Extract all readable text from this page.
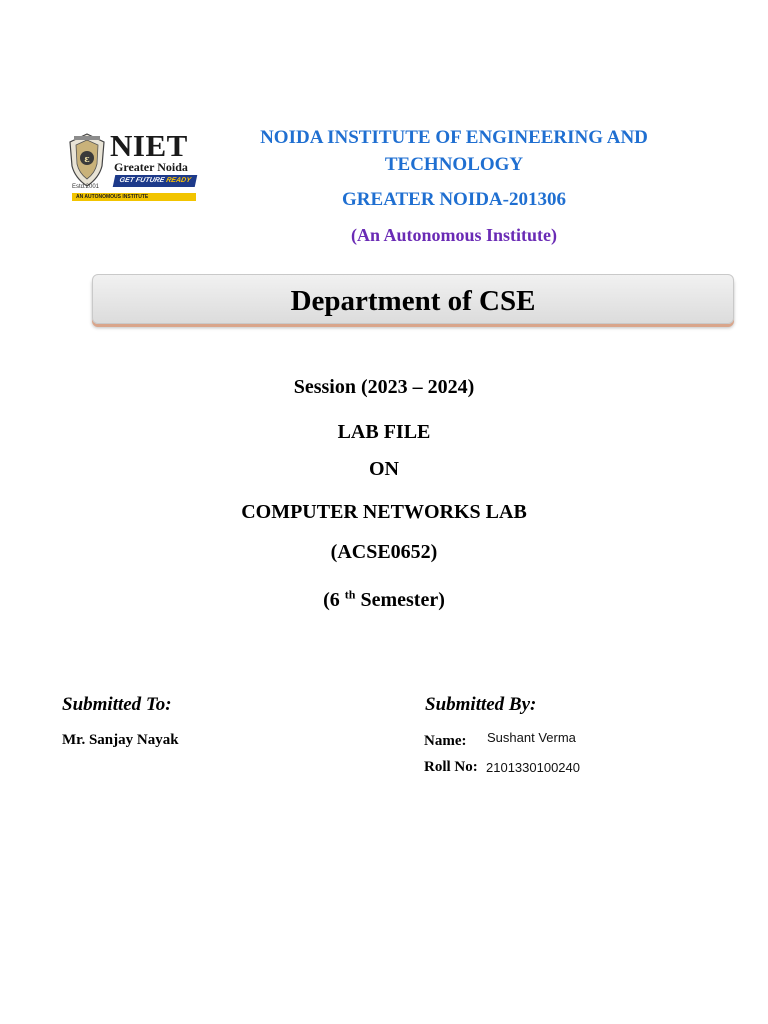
ε NIET
Greater Noida
GET FUTURE READY
Estd.2001
AN AUTONOMOUS INSTITUTE
NOIDA INSTITUTE OF ENGINEERING AND
TECHNOLOGY
GREATER NOIDA-201306
(An Autonomous Institute)
Department of CSE
Session (2023 – 2024)
LAB FILE
ON
COMPUTER NETWORKS LAB
(ACSE0652)
(6 $^{th}$ Semester)
Submitted To:
Mr. Sanjay Nayak
Submitted By:
Name: Sushant Verma
Roll No: 2101330100240
